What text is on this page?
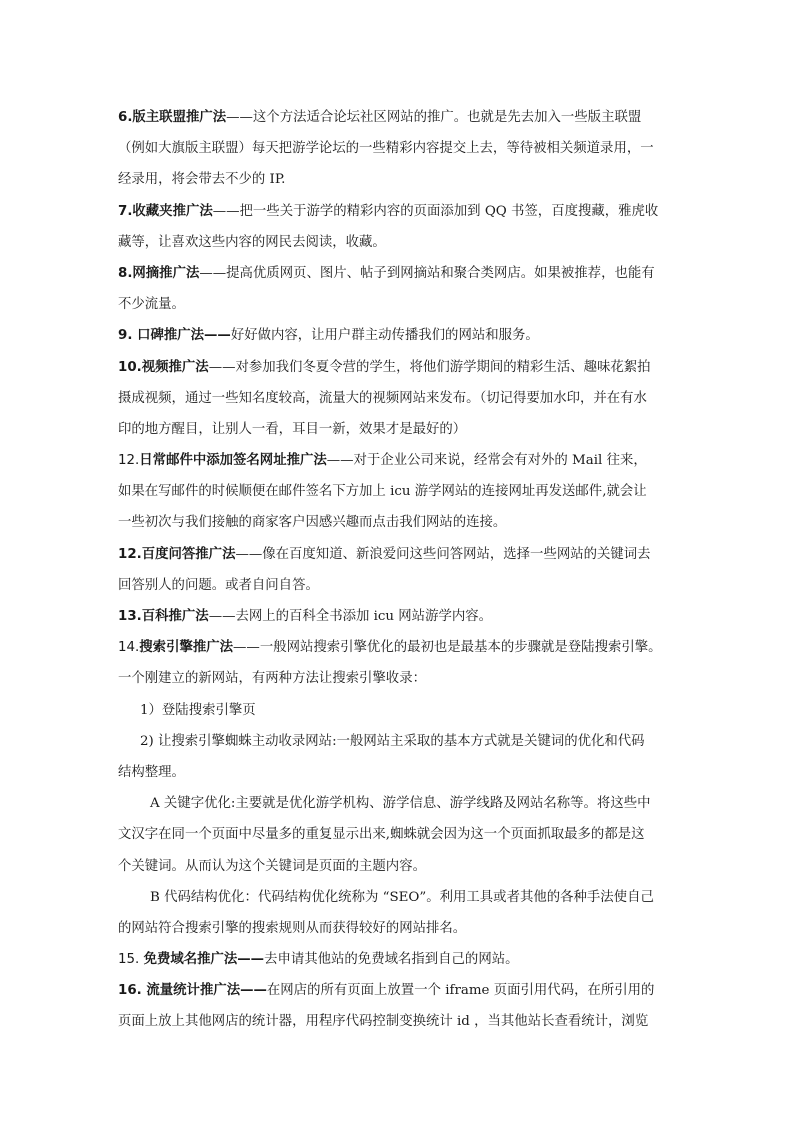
6.版主联盟推广法——这个方法适合论坛社区网站的推广。也就是先去加入一些版主联盟
（例如大旗版主联盟）每天把游学论坛的一些精彩内容提交上去，等待被相关频道录用，一
经录用，将会带去不少的 IP.
7.收藏夹推广法——把一些关于游学的精彩内容的页面添加到 QQ 书签，百度搜藏，雅虎收
藏等，让喜欢这些内容的网民去阅读，收藏。
8.网摘推广法——提高优质网页、图片、帖子到网摘站和聚合类网店。如果被推荐，也能有
不少流量。
9. 口碑推广法——好好做内容，让用户群主动传播我们的网站和服务。
10.视频推广法——对参加我们冬夏令营的学生，将他们游学期间的精彩生活、趣味花絮拍
摄成视频，通过一些知名度较高，流量大的视频网站来发布。（切记得要加水印，并在有水
印的地方醒目，让别人一看，耳目一新，效果才是最好的）
12.日常邮件中添加签名网址推广法——对于企业公司来说，经常会有对外的 Mail 往来，
如果在写邮件的时候顺便在邮件签名下方加上 icu 游学网站的连接网址再发送邮件,就会让
一些初次与我们接触的商家客户因感兴趣而点击我们网站的连接。
12.百度问答推广法——像在百度知道、新浪爱问这些问答网站，选择一些网站的关键词去
回答别人的问题。或者自问自答。
13.百科推广法——去网上的百科全书添加 icu 网站游学内容。
14.搜索引擎推广法——一般网站搜索引擎优化的最初也是最基本的步骤就是登陆搜索引擎。
一个刚建立的新网站，有两种方法让搜索引擎收录：
1）登陆搜索引擎页
2) 让搜索引擎蜘蛛主动收录网站:一般网站主采取的基本方式就是关键词的优化和代码
结构整理。
A 关键字优化:主要就是优化游学机构、游学信息、游学线路及网站名称等。将这些中
文汉字在同一个页面中尽量多的重复显示出来,蜘蛛就会因为这一个页面抓取最多的都是这
个关键词。从而认为这个关键词是页面的主题内容。
B 代码结构优化：代码结构优化统称为 “SEO”。利用工具或者其他的各种手法使自己
的网站符合搜索引擎的搜索规则从而获得较好的网站排名。
15. 免费域名推广法——去申请其他站的免费域名指到自己的网站。
16. 流量统计推广法——在网店的所有页面上放置一个 iframe 页面引用代码，在所引用的
页面上放上其他网店的统计器，用程序代码控制变换统计 id ，当其他站长查看统计，浏览
